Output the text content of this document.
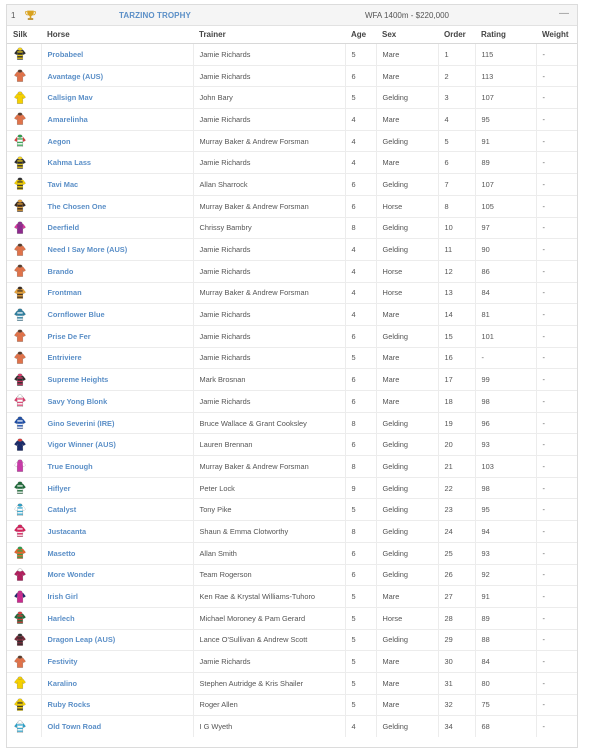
1	TARZINO TROPHY	WFA 1400m - $220,000	—
Silk	Horse	Trainer	Age	Sex	Order	Rating	Weight

	Probabeel	Jamie Richards	5	Mare	1	115	-

	Avantage (AUS)	Jamie Richards	6	Mare	2	113	-

	Callsign Mav	John Bary	5	Gelding	3	107	-

	Amarelinha	Jamie Richards	4	Mare	4	95	-

	Aegon	Murray Baker & Andrew Forsman	4	Gelding	5	91	-

	Kahma Lass	Jamie Richards	4	Mare	6	89	-

	Tavi Mac	Allan Sharrock	6	Gelding	7	107	-

	The Chosen One	Murray Baker & Andrew Forsman	6	Horse	8	105	-

	Deerfield	Chrissy Bambry	8	Gelding	10	97	-

	Need I Say More (AUS)	Jamie Richards	4	Gelding	11	90	-

	Brando	Jamie Richards	4	Horse	12	86	-

	Frontman	Murray Baker & Andrew Forsman	4	Horse	13	84	-

	Cornflower Blue	Jamie Richards	4	Mare	14	81	-

	Prise De Fer	Jamie Richards	6	Gelding	15	101	-

	Entriviere	Jamie Richards	5	Mare	16	-	-

	Supreme Heights	Mark Brosnan	6	Mare	17	99	-

	Savy Yong Blonk	Jamie Richards	6	Mare	18	98	-

	Gino Severini (IRE)	Bruce Wallace & Grant Cooksley	8	Gelding	19	96	-

	Vigor Winner (AUS)	Lauren Brennan	6	Gelding	20	93	-

	True Enough	Murray Baker & Andrew Forsman	8	Gelding	21	103	-

	Hiflyer	Peter Lock	9	Gelding	22	98	-

	Catalyst	Tony Pike	5	Gelding	23	95	-

	Justacanta	Shaun & Emma Clotworthy	8	Gelding	24	94	-

	Masetto	Allan Smith	6	Gelding	25	93	-

	More Wonder	Team Rogerson	6	Gelding	26	92	-

	Irish Girl	Ken Rae & Krystal Williams-Tuhoro	5	Mare	27	91	-

	Harlech	Michael Moroney & Pam Gerard	5	Horse	28	89	-

	Dragon Leap (AUS)	Lance O'Sullivan & Andrew Scott	5	Gelding	29	88	-

	Festivity	Jamie Richards	5	Mare	30	84	-

	Karalino	Stephen Autridge & Kris Shailer	5	Mare	31	80	-

	Ruby Rocks	Roger Allen	5	Mare	32	75	-

	Old Town Road	I G Wyeth	4	Gelding	34	68	-
